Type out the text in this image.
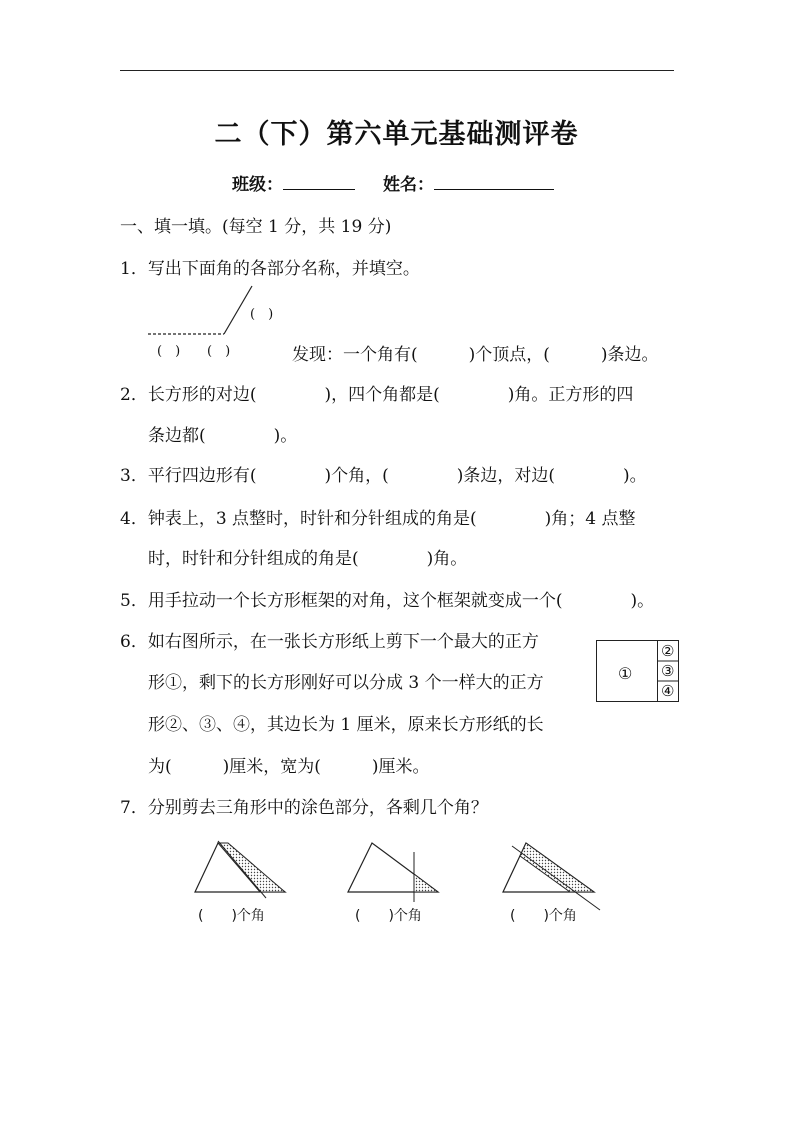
二（下）第六单元基础测评卷
班级：	姓名：
一、填一填。(每空 1 分，共 19 分)
1．写出下面角的各部分名称，并填空。
(　)
(　) (　)	发现：一个角有(　　　)个顶点，(　　　)条边。
2．长方形的对边(　　　　)，四个角都是(　　　　)角。正方形的四
条边都(　　　　)。
3．平行四边形有(　　　　)个角，(　　　　)条边，对边(　　　　)。
4．钟表上，3 点整时，时针和分针组成的角是(　　　　)角；4 点整
时，时针和分针组成的角是(　　　　)角。
5．用手拉动一个长方形框架的对角，这个框架就变成一个(　　　　)。
6．如右图所示，在一张长方形纸上剪下一个最大的正方
形①，剩下的长方形刚好可以分成 3 个一样大的正方
形②、③、④，其边长为 1 厘米，原来长方形纸的长
为(　　　)厘米，宽为(　　　)厘米。
①
②
③
④
7．分别剪去三角形中的涂色部分，各剩几个角？
(　　)个角	(　　)个角	(　　)个角
